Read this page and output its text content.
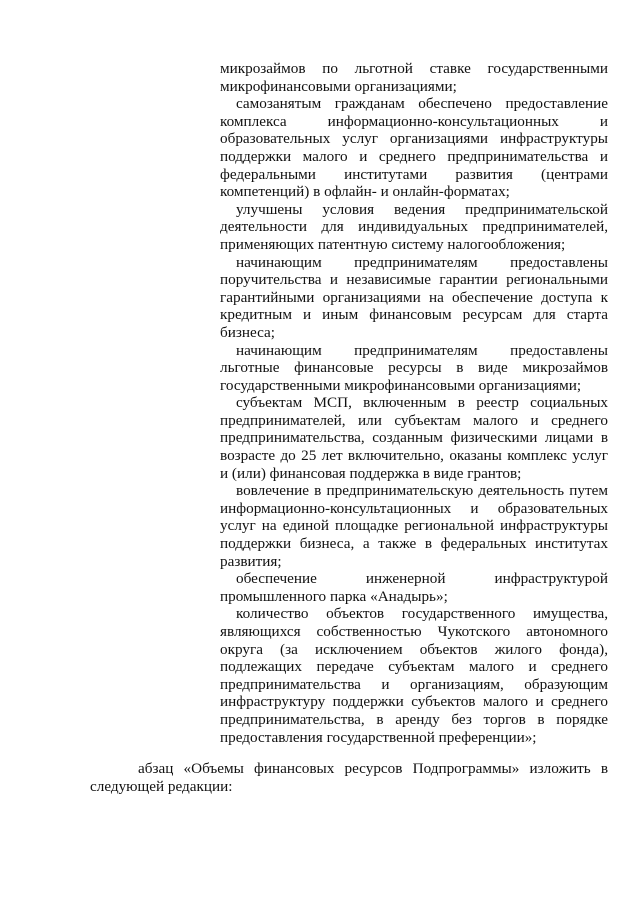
микрозаймов по льготной ставке государственными микрофинансовыми организациями;

самозанятым гражданам обеспечено предоставление комплекса информационно-консультационных и образовательных услуг организациями инфраструктуры поддержки малого и среднего предпринимательства и федеральными институтами развития (центрами компетенций) в офлайн- и онлайн-форматах;

улучшены условия ведения предпринимательской деятельности для индивидуальных предпринимателей, применяющих патентную систему налогообложения;

начинающим предпринимателям предоставлены поручительства и независимые гарантии региональными гарантийными организациями на обеспечение доступа к кредитным и иным финансовым ресурсам для старта бизнеса;

начинающим предпринимателям предоставлены льготные финансовые ресурсы в виде микрозаймов государственными микрофинансовыми организациями;

субъектам МСП, включенным в реестр социальных предпринимателей, или субъектам малого и среднего предпринимательства, созданным физическими лицами в возрасте до 25 лет включительно, оказаны комплекс услуг и (или) финансовая поддержка в виде грантов;

вовлечение в предпринимательскую деятельность путем информационно-консультационных и образовательных услуг на единой площадке региональной инфраструктуры поддержки бизнеса, а также в федеральных институтах развития;

обеспечение инженерной инфраструктурой промышленного парка «Анадырь»;

количество объектов государственного имущества, являющихся собственностью Чукотского автономного округа (за исключением объектов жилого фонда), подлежащих передаче субъектам малого и среднего предпринимательства и организациям, образующим инфраструктуру поддержки субъектов малого и среднего предпринимательства, в аренду без торгов в порядке предоставления государственной преференции»;

абзац «Объемы финансовых ресурсов Подпрограммы» изложить в следующей редакции:
